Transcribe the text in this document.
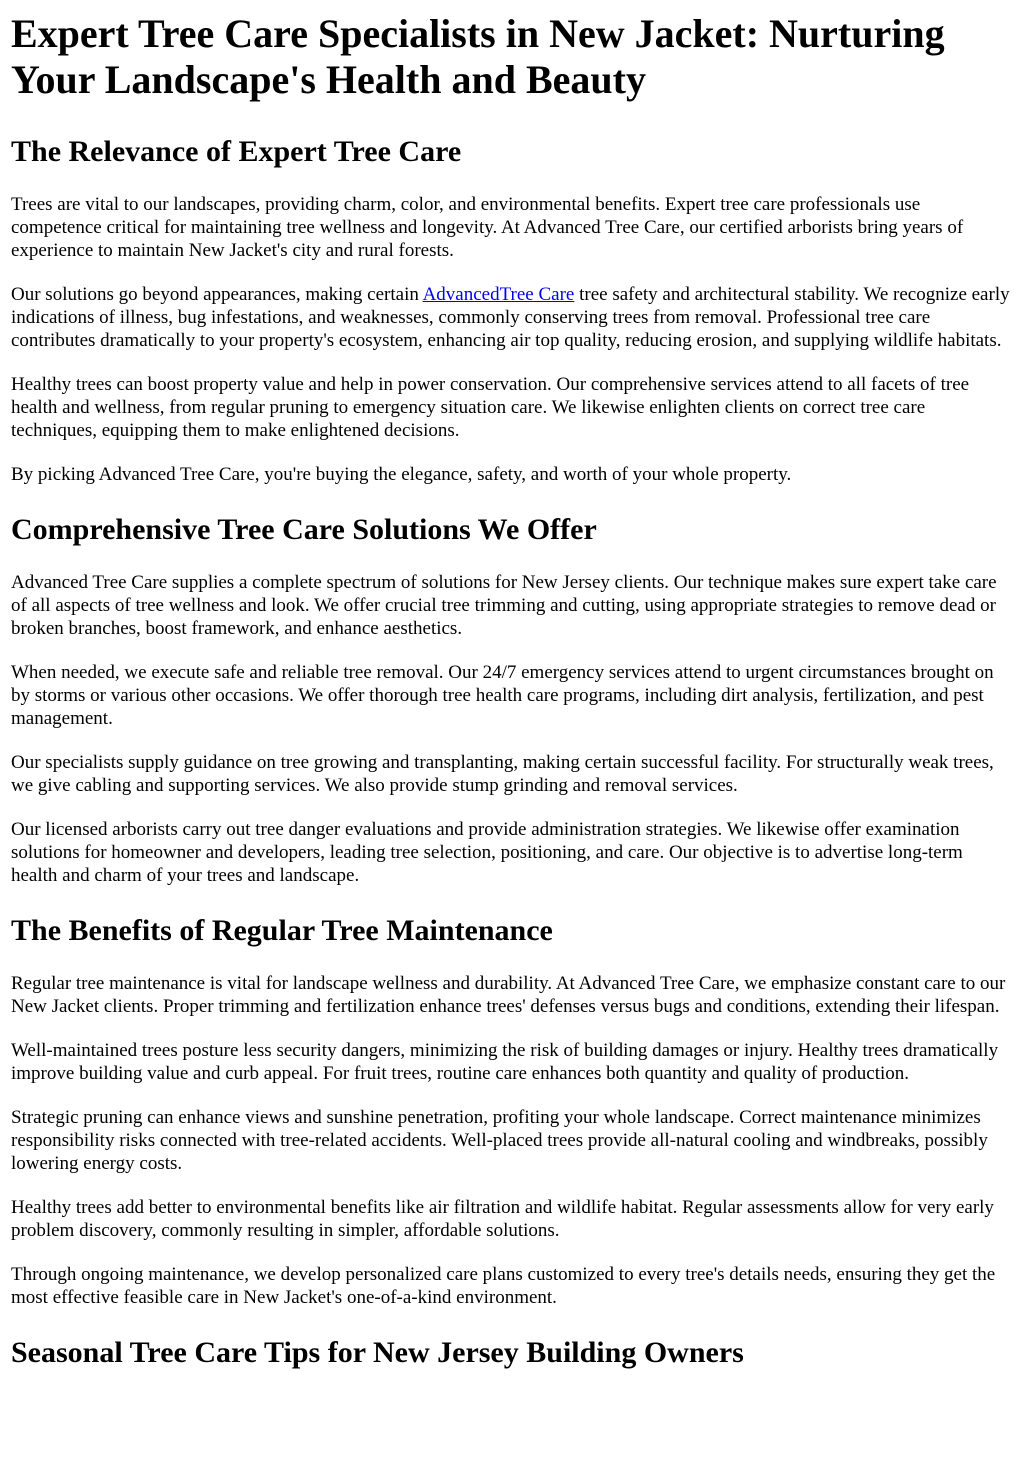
Expert Tree Care Specialists in New Jacket: Nurturing Your Landscape's Health and Beauty
The Relevance of Expert Tree Care

Trees are vital to our landscapes, providing charm, color, and environmental benefits. Expert tree care professionals use competence critical for maintaining tree wellness and longevity. At Advanced Tree Care, our certified arborists bring years of experience to maintain New Jacket's city and rural forests.

Our solutions go beyond appearances, making certain AdvancedTree Care tree safety and architectural stability. We recognize early indications of illness, bug infestations, and weaknesses, commonly conserving trees from removal. Professional tree care contributes dramatically to your property's ecosystem, enhancing air top quality, reducing erosion, and supplying wildlife habitats.

Healthy trees can boost property value and help in power conservation. Our comprehensive services attend to all facets of tree health and wellness, from regular pruning to emergency situation care. We likewise enlighten clients on correct tree care techniques, equipping them to make enlightened decisions.

By picking Advanced Tree Care, you're buying the elegance, safety, and worth of your whole property.

Comprehensive Tree Care Solutions We Offer

Advanced Tree Care supplies a complete spectrum of solutions for New Jersey clients. Our technique makes sure expert take care of all aspects of tree wellness and look. We offer crucial tree trimming and cutting, using appropriate strategies to remove dead or broken branches, boost framework, and enhance aesthetics.

When needed, we execute safe and reliable tree removal. Our 24/7 emergency services attend to urgent circumstances brought on by storms or various other occasions. We offer thorough tree health care programs, including dirt analysis, fertilization, and pest management.

Our specialists supply guidance on tree growing and transplanting, making certain successful facility. For structurally weak trees, we give cabling and supporting services. We also provide stump grinding and removal services.

Our licensed arborists carry out tree danger evaluations and provide administration strategies. We likewise offer examination solutions for homeowner and developers, leading tree selection, positioning, and care. Our objective is to advertise long-term health and charm of your trees and landscape.

The Benefits of Regular Tree Maintenance

Regular tree maintenance is vital for landscape wellness and durability. At Advanced Tree Care, we emphasize constant care to our New Jacket clients. Proper trimming and fertilization enhance trees' defenses versus bugs and conditions, extending their lifespan.

Well-maintained trees posture less security dangers, minimizing the risk of building damages or injury. Healthy trees dramatically improve building value and curb appeal. For fruit trees, routine care enhances both quantity and quality of production.

Strategic pruning can enhance views and sunshine penetration, profiting your whole landscape. Correct maintenance minimizes responsibility risks connected with tree-related accidents. Well-placed trees provide all-natural cooling and windbreaks, possibly lowering energy costs.

Healthy trees add better to environmental benefits like air filtration and wildlife habitat. Regular assessments allow for very early problem discovery, commonly resulting in simpler, affordable solutions.

Through ongoing maintenance, we develop personalized care plans customized to every tree's details needs, ensuring they get the most effective feasible care in New Jacket's one-of-a-kind environment.

Seasonal Tree Care Tips for New Jersey Building Owners
